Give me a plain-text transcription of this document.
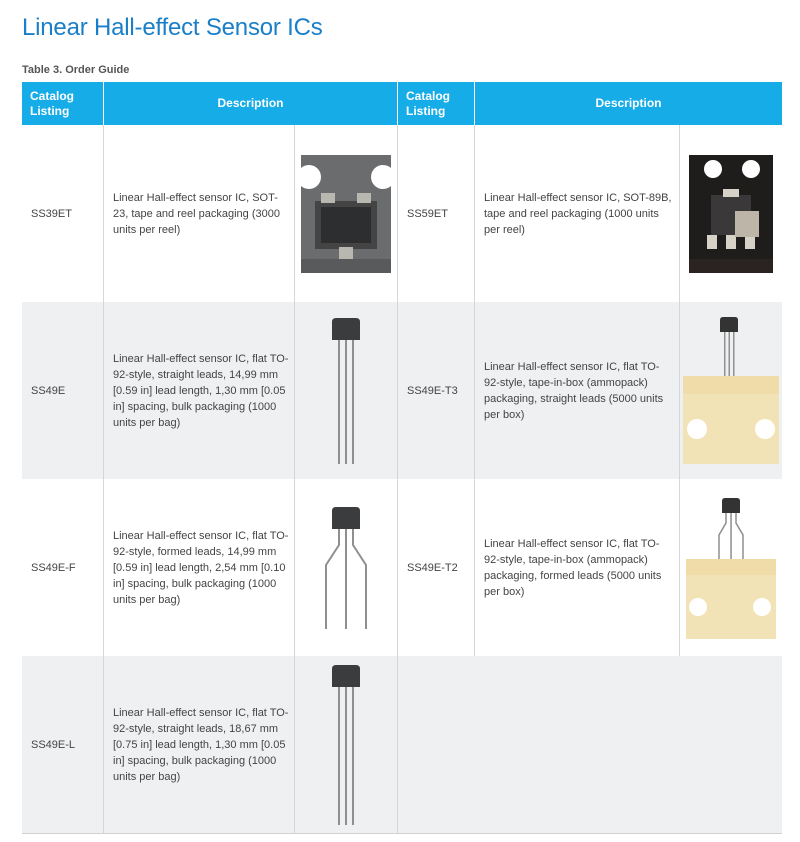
Linear Hall-effect Sensor ICs
Table 3. Order Guide
Catalog Listing
Description
Catalog Listing
Description
SS39ET
Linear Hall-effect sensor IC, SOT-23, tape and reel packaging (3000 units per reel)
SS59ET
Linear Hall-effect sensor IC, SOT-89B, tape and reel packaging (1000 units per reel)
SS49E
Linear Hall-effect sensor IC, flat TO-92-style, straight leads, 14,99 mm [0.59 in] lead length, 1,30 mm [0.05 in] spacing, bulk packaging (1000 units per bag)
SS49E-T3
Linear Hall-effect sensor IC, flat TO-92-style, tape-in-box (ammopack) packaging, straight leads (5000 units per box)
SS49E-F
Linear Hall-effect sensor IC, flat TO-92-style, formed leads, 14,99 mm [0.59 in] lead length, 2,54 mm [0.10 in] spacing, bulk packaging (1000 units per bag)
SS49E-T2
Linear Hall-effect sensor IC, flat TO-92-style, tape-in-box (ammopack) packaging, formed leads (5000 units per box)
SS49E-L
Linear Hall-effect sensor IC, flat TO-92-style, straight leads, 18,67 mm [0.75 in] lead length, 1,30 mm [0.05 in] spacing, bulk packaging (1000 units per bag)
